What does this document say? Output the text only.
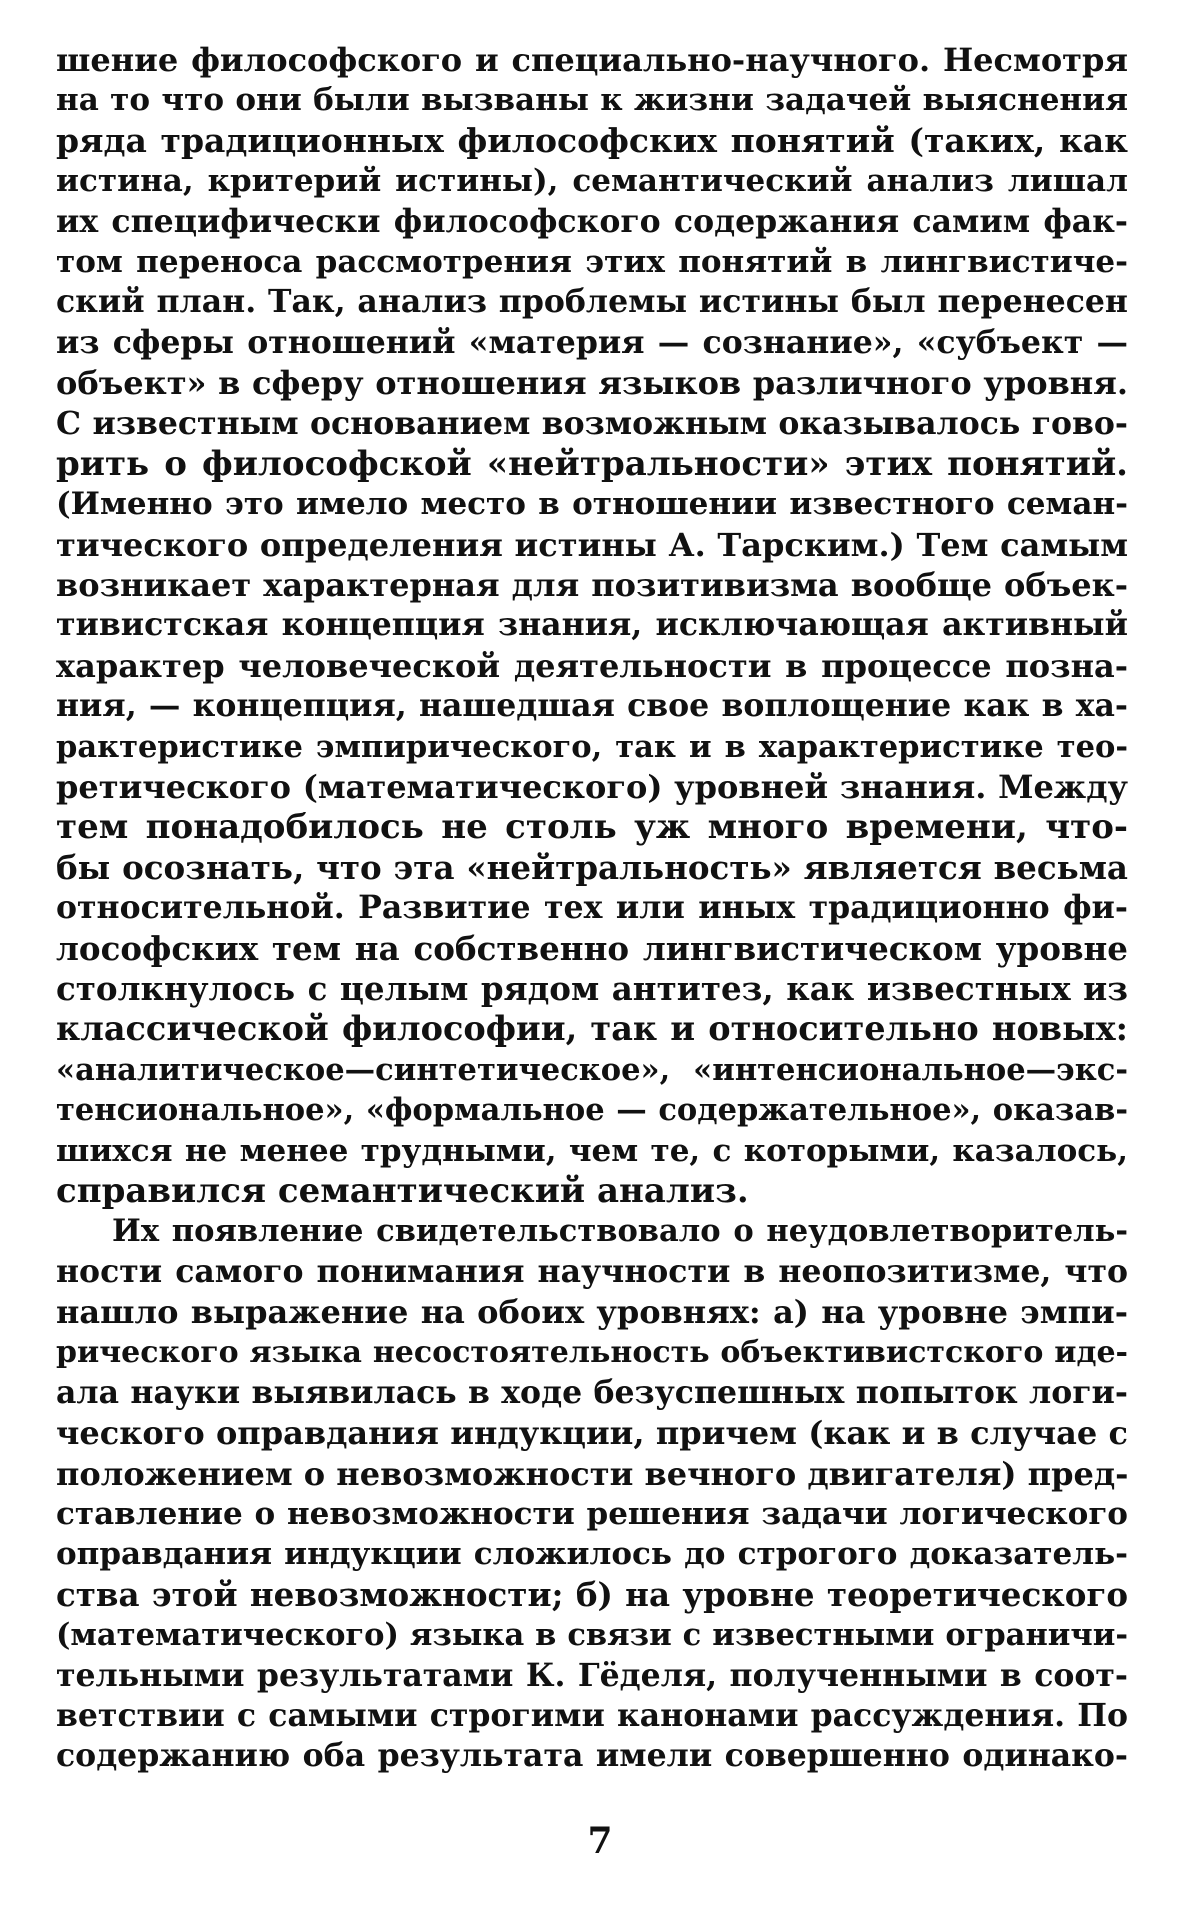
шение философского и специально-научного. Несмотря
на то что они были вызваны к жизни задачей выяснения
ряда традиционных философских понятий (таких, как
истина, критерий истины), семантический анализ лишал
их специфически философского содержания самим фак-
том переноса рассмотрения этих понятий в лингвистиче-
ский план. Так, анализ проблемы истины был перенесен
из сферы отношений «материя — сознание», «субъект —
объект» в сферу отношения языков различного уровня.
С известным основанием возможным оказывалось гово-
рить о философской «нейтральности» этих понятий.
(Именно это имело место в отношении известного семан-
тического определения истины А. Тарским.) Тем самым
возникает характерная для позитивизма вообще объек-
тивистская концепция знания, исключающая активный
характер человеческой деятельности в процессе позна-
ния, — концепция, нашедшая свое воплощение как в ха-
рактеристике эмпирического, так и в характеристике тео-
ретического (математического) уровней знания. Между
тем понадобилось не столь уж много времени, что-
бы осознать, что эта «нейтральность» является весьма
относительной. Развитие тех или иных традиционно фи-
лософских тем на собственно лингвистическом уровне
столкнулось с целым рядом антитез, как известных из
классической философии, так и относительно новых:
«аналитическое—синтетическое», «интенсиональное—экс-
тенсиональное», «формальное — содержательное», оказав-
шихся не менее трудными, чем те, с которыми, казалось,
справился семантический анализ.
Их появление свидетельствовало о неудовлетворитель-
ности самого понимания научности в неопозитизме, что
нашло выражение на обоих уровнях: а) на уровне эмпи-
рического языка несостоятельность объективистского иде-
ала науки выявилась в ходе безуспешных попыток логи-
ческого оправдания индукции, причем (как и в случае с
положением о невозможности вечного двигателя) пред-
ставление о невозможности решения задачи логического
оправдания индукции сложилось до строгого доказатель-
ства этой невозможности; б) на уровне теоретического
(математического) языка в связи с известными ограничи-
тельными результатами К. Гёделя, полученными в соот-
ветствии с самыми строгими канонами рассуждения. По
содержанию оба результата имели совершенно одинако-
7
